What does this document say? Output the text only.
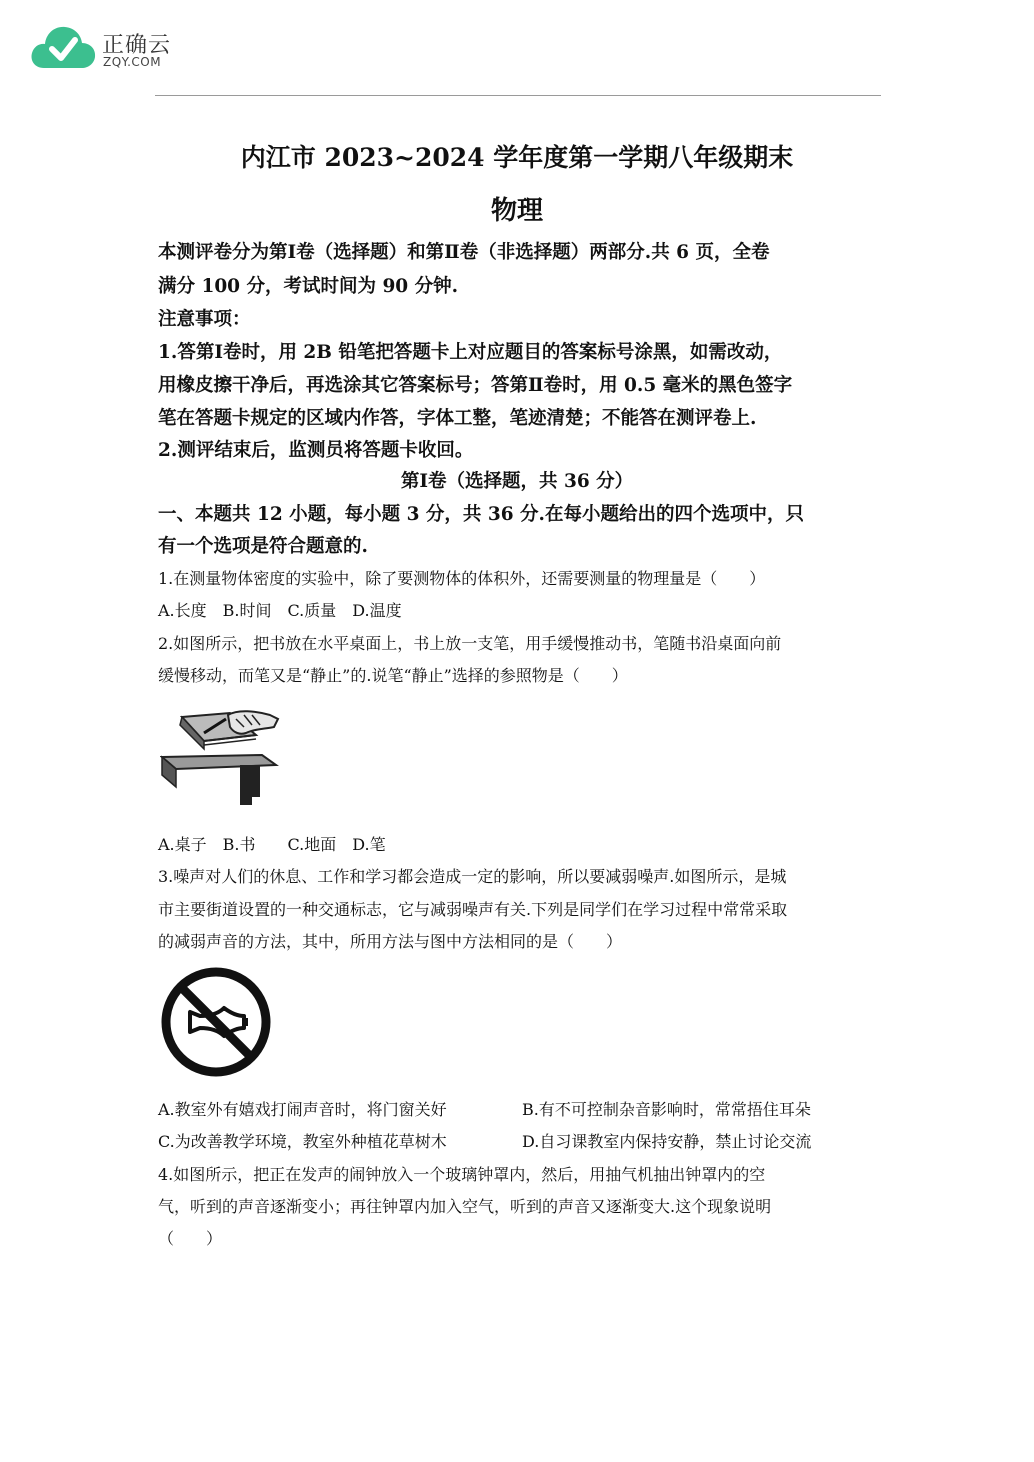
正确云
ZQY.COM
内江市 2023~2024 学年度第一学期八年级期末
物理
本测评卷分为第Ⅰ卷（选择题）和第Ⅱ卷（非选择题）两部分.共 6 页，全卷
满分 100 分，考试时间为 90 分钟.
注意事项：
1.答第Ⅰ卷时，用 2B 铅笔把答题卡上对应题目的答案标号涂黑，如需改动，
用橡皮擦干净后，再选涂其它答案标号；答第Ⅱ卷时，用 0.5 毫米的黑色签字
笔在答题卡规定的区域内作答，字体工整，笔迹清楚；不能答在测评卷上.
2.测评结束后，监测员将答题卡收回。
第Ⅰ卷（选择题，共 36 分）
一、本题共 12 小题，每小题 3 分，共 36 分.在每小题给出的四个选项中，只
有一个选项是符合题意的.
1.在测量物体密度的实验中，除了要测物体的体积外，还需要测量的物理量是（　　）
A.长度　B.时间　C.质量　D.温度
2.如图所示，把书放在水平桌面上，书上放一支笔，用手缓慢推动书，笔随书沿桌面向前
缓慢移动，而笔又是“静止”的.说笔“静止”选择的参照物是（　　）
A.桌子　B.书　　C.地面　D.笔
3.噪声对人们的休息、工作和学习都会造成一定的影响，所以要减弱噪声.如图所示，是城
市主要街道设置的一种交通标志，它与减弱噪声有关.下列是同学们在学习过程中常常采取
的减弱声音的方法，其中，所用方法与图中方法相同的是（　　）
A.教室外有嬉戏打闹声音时，将门窗关好	B.有不可控制杂音影响时，常常捂住耳朵
C.为改善教学环境，教室外种植花草树木	D.自习课教室内保持安静，禁止讨论交流
4.如图所示，把正在发声的闹钟放入一个玻璃钟罩内，然后，用抽气机抽出钟罩内的空
气，听到的声音逐渐变小；再往钟罩内加入空气，听到的声音又逐渐变大.这个现象说明
（　　）
